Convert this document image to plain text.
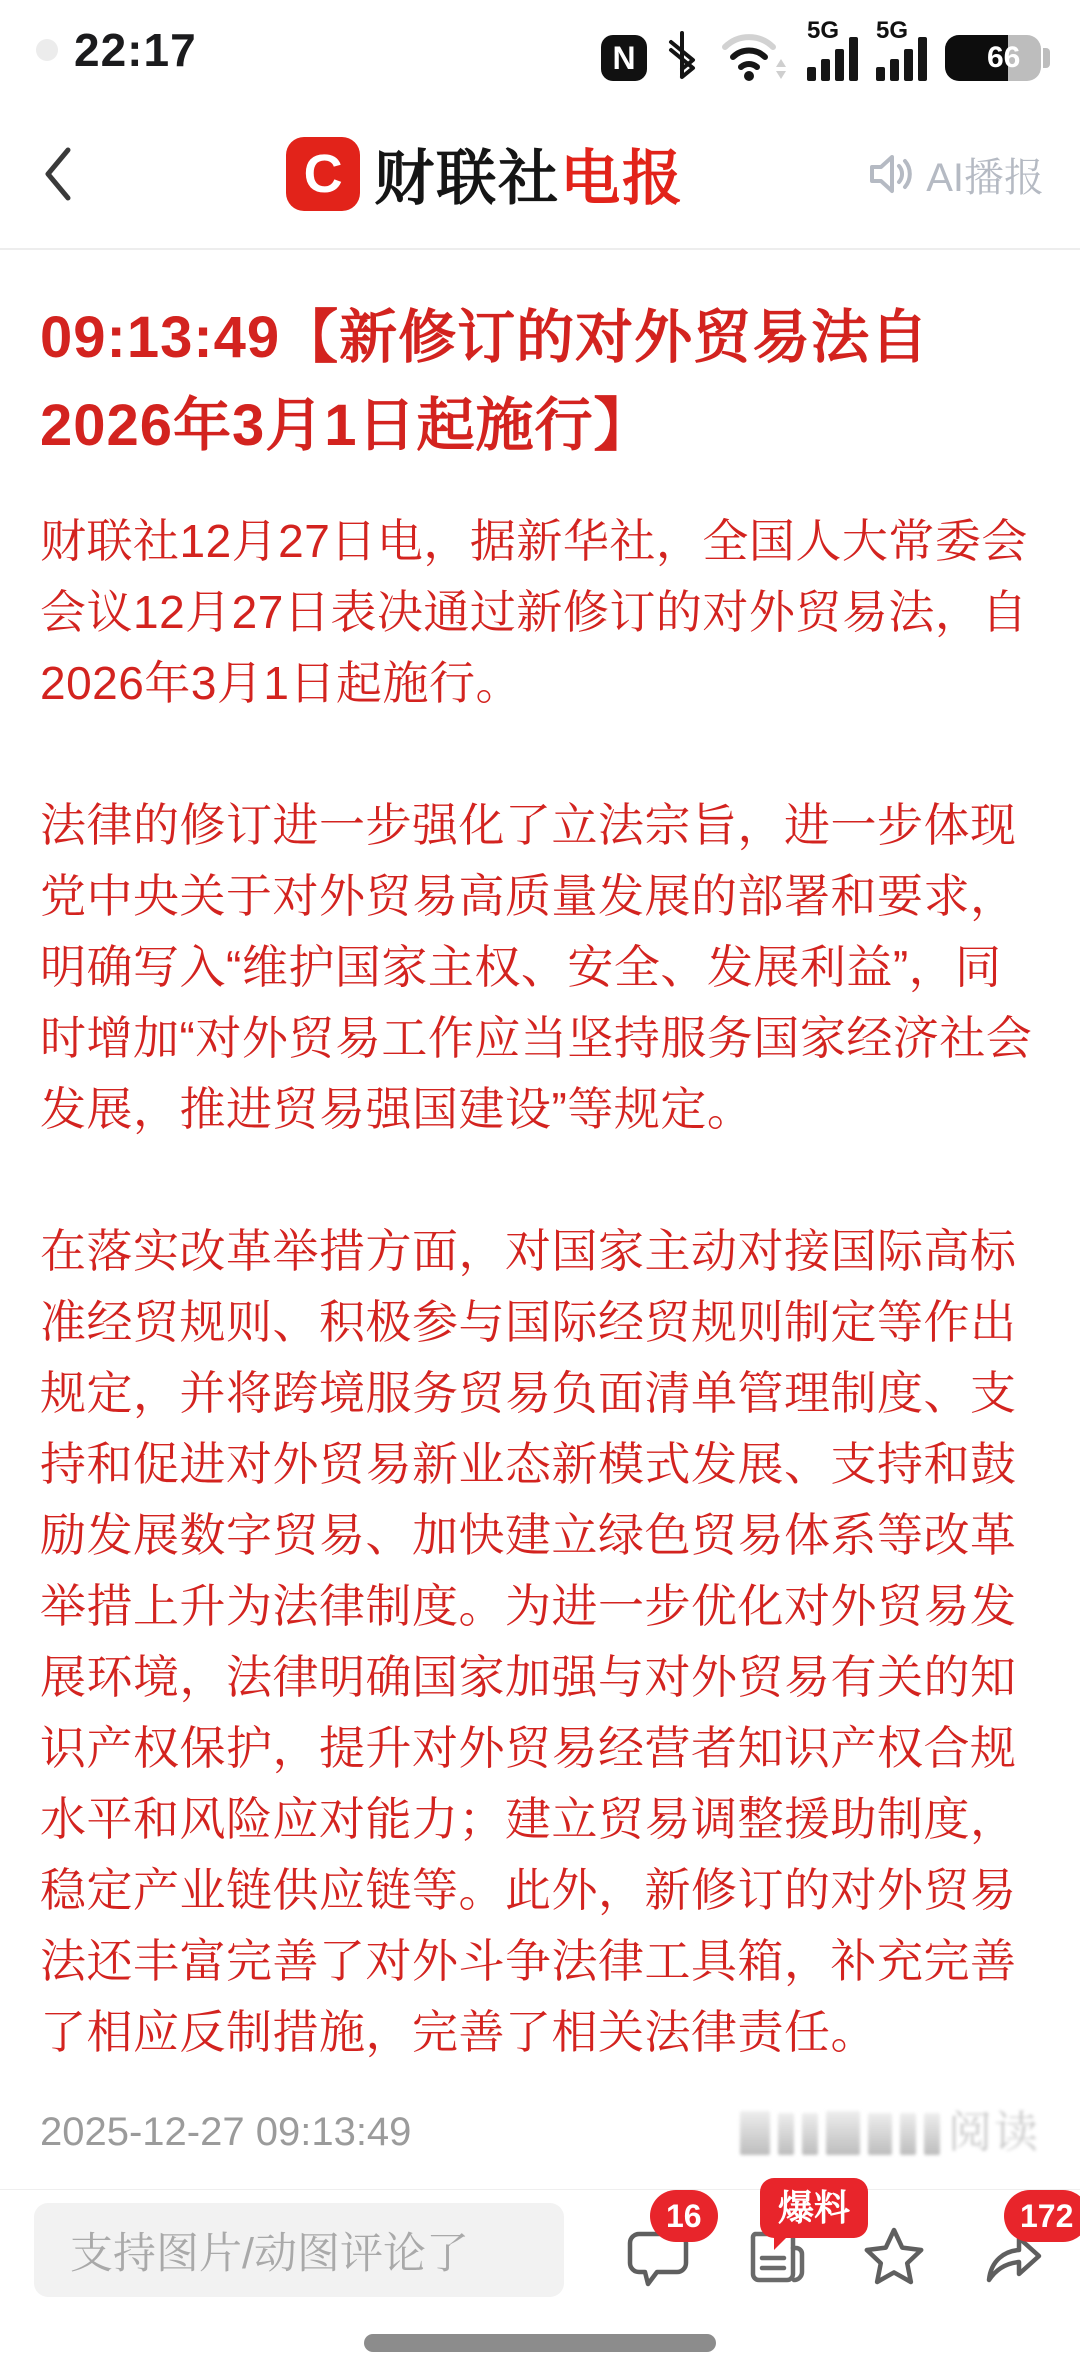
22:17	N
5G 5G
66
C 财联社电报	AI播报
09:13:49【新修订的对外贸易法自2026年3月1日起施行】

财联社12月27日电，据新华社，全国人大常委会会议12月27日表决通过新修订的对外贸易法，自2026年3月1日起施行。

法律的修订进一步强化了立法宗旨，进一步体现党中央关于对外贸易高质量发展的部署和要求，明确写入“维护国家主权、安全、发展利益”，同时增加“对外贸易工作应当坚持服务国家经济社会发展，推进贸易强国建设”等规定。

在落实改革举措方面，对国家主动对接国际高标准经贸规则、积极参与国际经贸规则制定等作出规定，并将跨境服务贸易负面清单管理制度、支持和促进对外贸易新业态新模式发展、支持和鼓励发展数字贸易、加快建立绿色贸易体系等改革举措上升为法律制度。为进一步优化对外贸易发展环境，法律明确国家加强与对外贸易有关的知识产权保护，提升对外贸易经营者知识产权合规水平和风险应对能力；建立贸易调整援助制度，稳定产业链供应链等。此外，新修订的对外贸易法还丰富完善了对外斗争法律工具箱，补充完善了相应反制措施，完善了相关法律责任。

2025-12-27 09:13:49	阅读
支持图片/动图评论了
16	爆料	172
